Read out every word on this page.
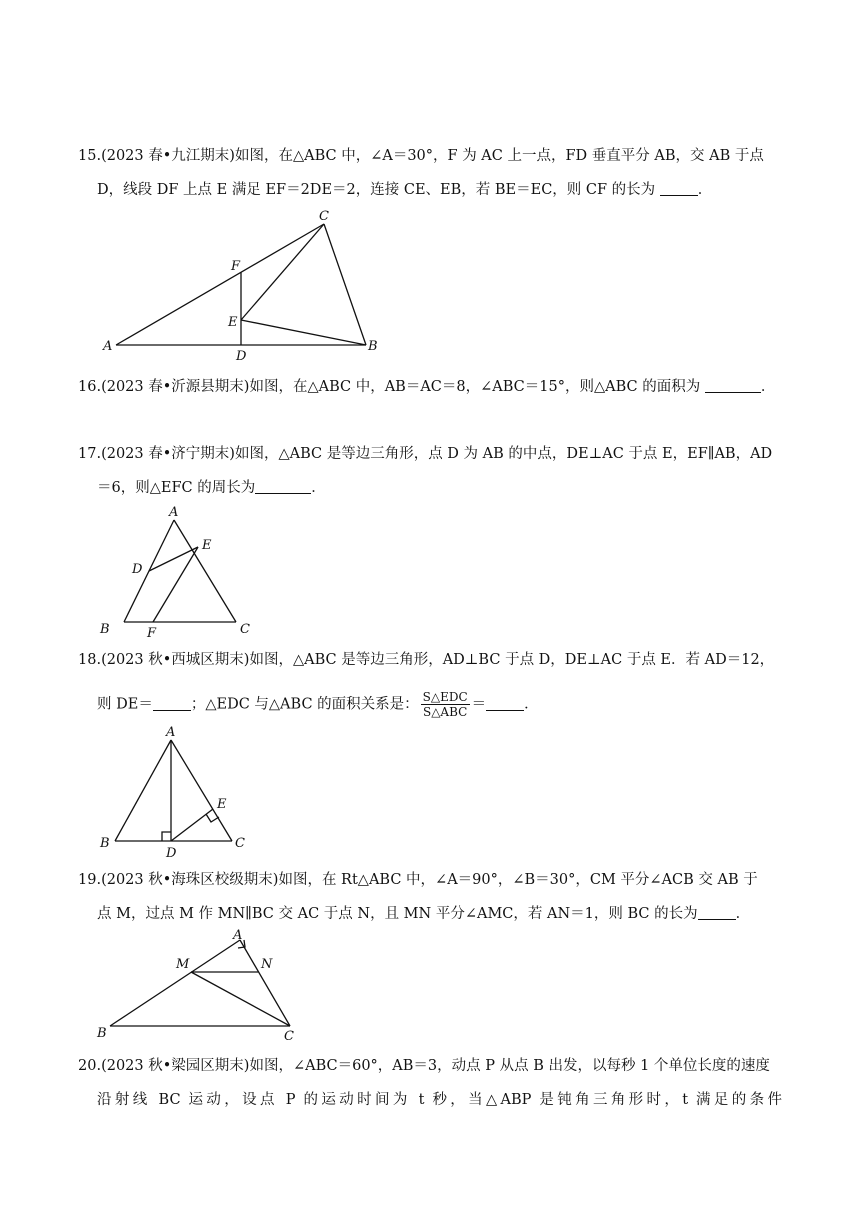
15.(2023 春•九江期末)如图，在△ABC 中，∠A＝30°，F 为 AC 上一点，FD 垂直平分 AB，交 AB 于点
D，线段 DF 上点 E 满足 EF＝2DE＝2，连接 CE、EB，若 BE＝EC，则 CF 的长为	．
C
F
E
A
D
B
16.(2023 春•沂源县期末)如图，在△ABC 中，AB＝AC＝8，∠ABC＝15°，则△ABC 的面积为	．
17.(2023 春•济宁期末)如图，△ABC 是等边三角形，点 D 为 AB 的中点，DE⊥AC 于点 E，EF∥AB，AD
＝6，则△EFC 的周长为	．
A
E
D
B	F	C
18.(2023 秋•西城区期末)如图，△ABC 是等边三角形，AD⊥BC 于点 D，DE⊥AC 于点 E．若 AD＝12，
则 DE＝	；△EDC 与△ABC 的面积关系是： $\frac{\text{S△EDC}}{\text{S△ABC}}$ ＝	．
A
E
B
D
C
19.(2023 秋•海珠区校级期末)如图，在 Rt△ABC 中，∠A＝90°，∠B＝30°，CM 平分∠ACB 交 AB 于
点 M，过点 M 作 MN∥BC 交 AC 于点 N，且 MN 平分∠AMC，若 AN＝1，则 BC 的长为	．
A
M	N
B	C
20.(2023 秋•梁园区期末)如图，∠ABC＝60°，AB＝3，动点 P 从点 B 出发，以每秒 1 个单位长度的速度
沿射线 BC 运动，设点 P 的运动时间为 t 秒，当△ABP 是钝角三角形时，t 满足的条件
